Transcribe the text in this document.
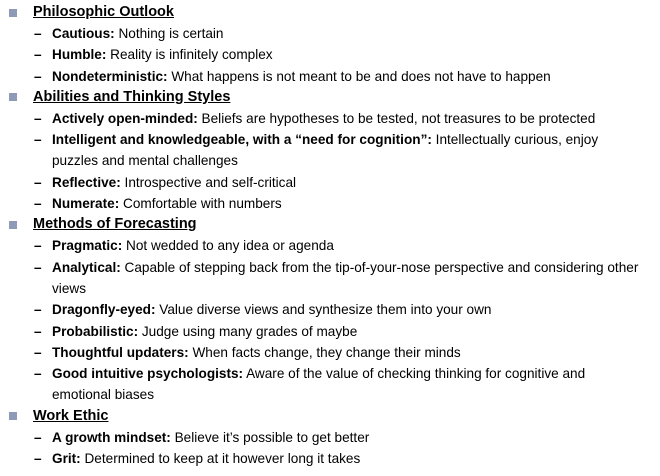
Philosophic Outlook
– Cautious: Nothing is certain
– Humble: Reality is infinitely complex
– Nondeterministic: What happens is not meant to be and does not have to happen
Abilities and Thinking Styles
– Actively open-minded: Beliefs are hypotheses to be tested, not treasures to be protected
– Intelligent and knowledgeable, with a “need for cognition”: Intellectually curious, enjoy puzzles and mental challenges
– Reflective: Introspective and self-critical
– Numerate: Comfortable with numbers
Methods of Forecasting
– Pragmatic: Not wedded to any idea or agenda
– Analytical: Capable of stepping back from the tip-of-your-nose perspective and considering other views
– Dragonfly-eyed: Value diverse views and synthesize them into your own
– Probabilistic: Judge using many grades of maybe
– Thoughtful updaters: When facts change, they change their minds
– Good intuitive psychologists: Aware of the value of checking thinking for cognitive and emotional biases
Work Ethic
– A growth mindset: Believe it’s possible to get better
– Grit: Determined to keep at it however long it takes
